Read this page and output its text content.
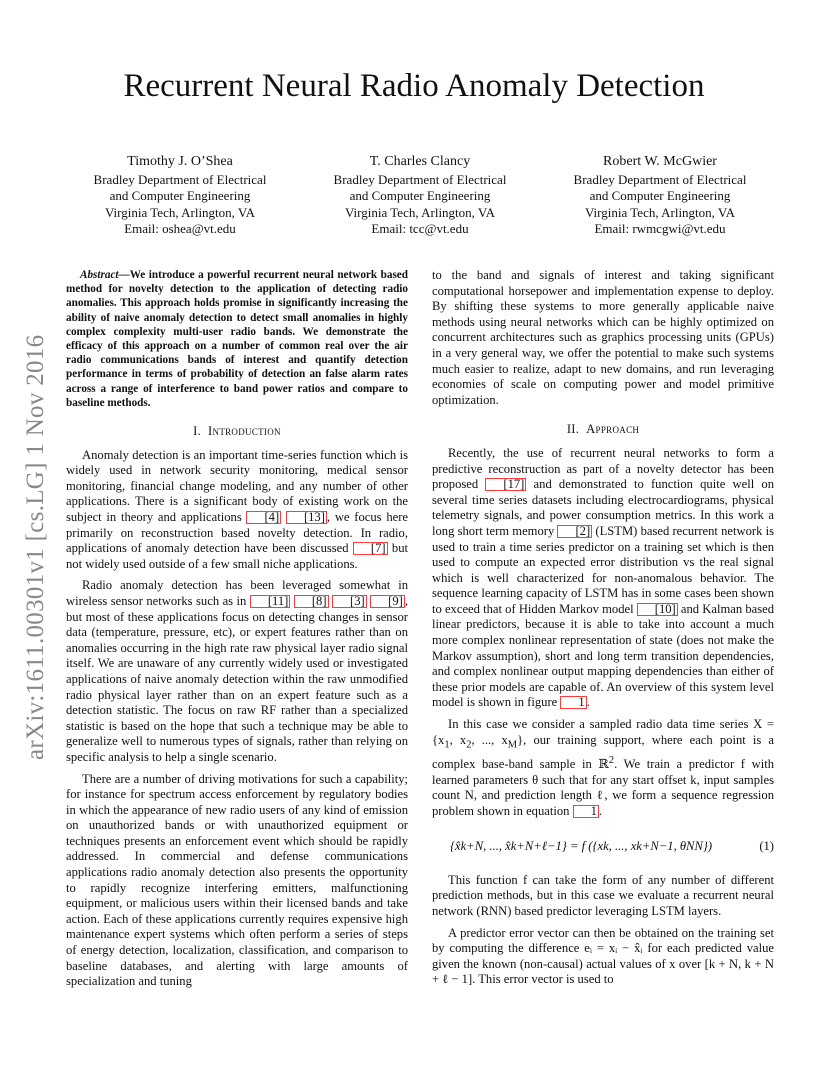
arXiv:1611.00301v1 [cs.LG] 1 Nov 2016
Recurrent Neural Radio Anomaly Detection
Timothy J. O’Shea
Bradley Department of Electrical
and Computer Engineering
Virginia Tech, Arlington, VA
Email: oshea@vt.edu
T. Charles Clancy
Bradley Department of Electrical
and Computer Engineering
Virginia Tech, Arlington, VA
Email: tcc@vt.edu
Robert W. McGwier
Bradley Department of Electrical
and Computer Engineering
Virginia Tech, Arlington, VA
Email: rwmcgwi@vt.edu
Abstract—We introduce a powerful recurrent neural network based method for novelty detection to the application of detecting radio anomalies. This approach holds promise in significantly increasing the ability of naive anomaly detection to detect small anomalies in highly complex complexity multi-user radio bands. We demonstrate the efficacy of this approach on a number of common real over the air radio communications bands of interest and quantify detection performance in terms of probability of detection an false alarm rates across a range of interference to band power ratios and compare to baseline methods.
I. Introduction

Anomaly detection is an important time-series function which is widely used in network security monitoring, medical sensor monitoring, financial change modeling, and any number of other applications. There is a significant body of existing work on the subject in theory and applications [4] [13] , we focus here primarily on reconstruction based novelty detection. In radio, applications of anomaly detection have been discussed [7] but not widely used outside of a few small niche applications.

Radio anomaly detection has been leveraged somewhat in wireless sensor networks such as in [11] [8] [3] [9] , but most of these applications focus on detecting changes in sensor data (temperature, pressure, etc), or expert features rather than on anomalies occurring in the high rate raw physical layer radio signal itself. We are unaware of any currently widely used or investigated applications of naive anomaly detection within the raw unmodified radio physical layer rather than on an expert feature such as a detection statistic. The focus on raw RF rather than a specialized statistic is based on the hope that such a technique may be able to generalize well to numerous types of signals, rather than relying on specific analysis to help a single scenario.

There are a number of driving motivations for such a capability; for instance for spectrum access enforcement by regulatory bodies in which the appearance of new radio users of any kind of emission on unauthorized bands or with unauthorized equipment or techniques presents an enforcement event which should be rapidly addressed. In commercial and defense communications applications radio anomaly detection also presents the opportunity to rapidly recognize interfering emitters, malfunctioning equipment, or malicious users within their licensed bands and take action. Each of these applications currently requires expensive high maintenance expert systems which often perform a series of steps of energy detection, localization, classification, and comparison to baseline databases, and alerting with large amounts of specialization and tuning

to the band and signals of interest and taking significant computational horsepower and implementation expense to deploy. By shifting these systems to more generally applicable naive methods using neural networks which can be highly optimized on concurrent architectures such as graphics processing units (GPUs) in a very general way, we offer the potential to make such systems much easier to realize, adapt to new domains, and run leveraging economies of scale on computing power and model primitive optimization.

II. Approach

Recently, the use of recurrent neural networks to form a predictive reconstruction as part of a novelty detector has been proposed [17] and demonstrated to function quite well on several time series datasets including electrocardiograms, physical telemetry signals, and power consumption metrics. In this work a long short term memory [2] (LSTM) based recurrent network is used to train a time series predictor on a training set which is then used to compute an expected error distribution vs the real signal which is well characterized for non-anomalous behavior. The sequence learning capacity of LSTM has in some cases been shown to exceed that of Hidden Markov model [10] and Kalman based linear predictors, because it is able to take into account a much more complex nonlinear representation of state (does not make the Markov assumption), short and long term transition dependencies, and complex nonlinear output mapping dependencies than either of these prior models are capable of. An overview of this system level model is shown in figure 1 .

In this case we consider a sampled radio data time series $X = \{x_1$, $x_2$, ..., $x_M$}, our training support, where each point is a complex base-band sample in ℝ$^2$. We train a predictor f with learned parameters θ such that for any start offset k, input samples count N, and prediction length ℓ, we form a sequence regression problem shown in equation 1 .

{x̂k+N, ..., x̂k+N+ℓ−1} = f ({xk, ..., xk+N−1, θNN})	(1)

This function f can take the form of any number of different prediction methods, but in this case we evaluate a recurrent neural network (RNN) based predictor leveraging LSTM layers.

A predictor error vector can then be obtained on the training set by computing the difference eᵢ = xᵢ − x̂ᵢ for each predicted value given the known (non-causal) actual values of x over [k + N, k + N + ℓ − 1]. This error vector is used to
